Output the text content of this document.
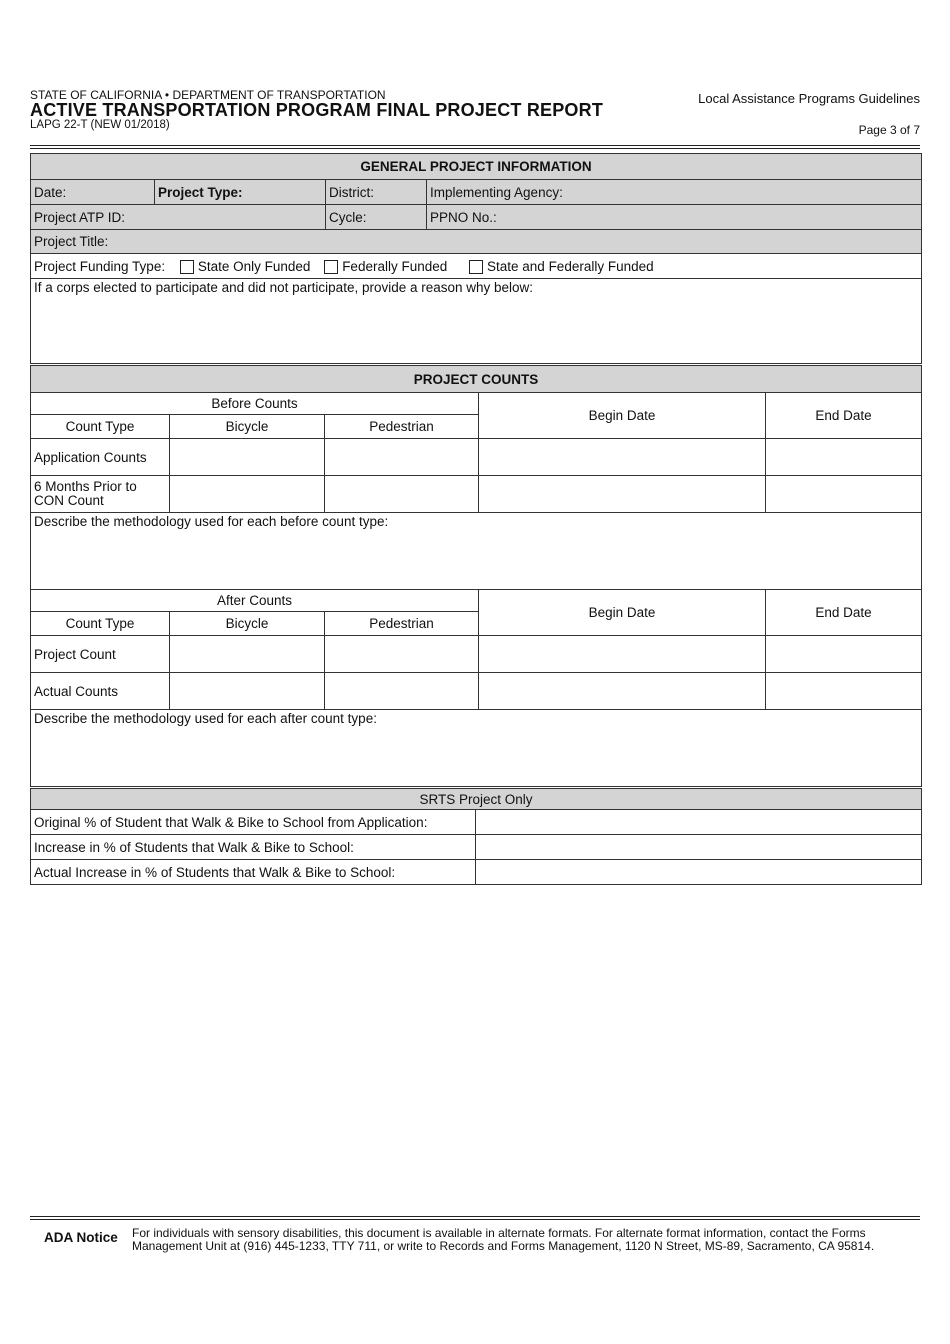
STATE OF CALIFORNIA • DEPARTMENT OF TRANSPORTATION
ACTIVE TRANSPORTATION PROGRAM FINAL PROJECT REPORT
LAPG 22-T (NEW 01/2018)
Local Assistance Programs Guidelines
Page 3 of 7
GENERAL PROJECT INFORMATION			
Date:	Project Type:	District:	Implementing Agency:
Project ATP ID:		Cycle:	PPNO No.:
Project Title:			
Project Funding Type: State Only Funded Federally Funded State and Federally Funded			
If a corps elected to participate and did not participate, provide a reason why below:			
PROJECT COUNTS				
Before Counts			Begin Date	End Date
Count Type	Bicycle	Pedestrian		
Application Counts				
6 Months Prior to CON Count				
Describe the methodology used for each before count type:				
After Counts			Begin Date	End Date
Count Type	Bicycle	Pedestrian		
Project Count				
Actual Counts				
Describe the methodology used for each after count type:				
SRTS Project Only	
Original % of Student that Walk & Bike to School from Application:	
Increase in % of Students that Walk & Bike to School:	
Actual Increase in % of Students that Walk & Bike to School:	
ADA Notice For individuals with sensory disabilities, this document is available in alternate formats. For alternate format information, contact the Forms Management Unit at (916) 445-1233, TTY 711, or write to Records and Forms Management, 1120 N Street, MS-89, Sacramento, CA 95814.
